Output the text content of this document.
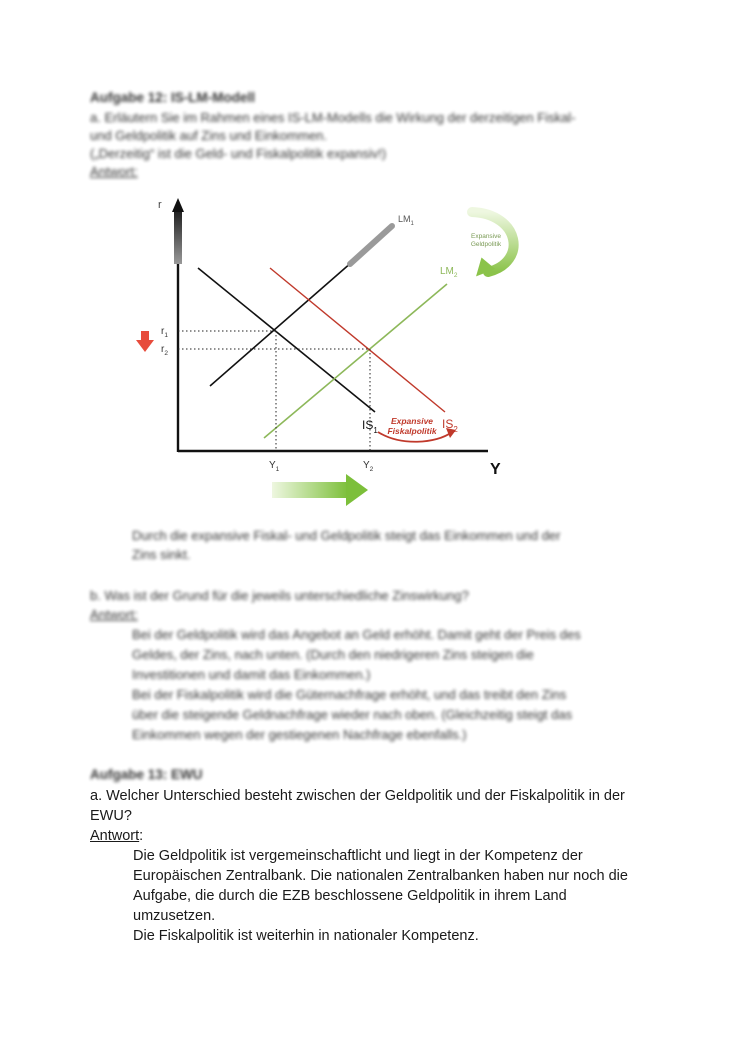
Aufgabe 12: IS-LM-Modell
a. Erläutern Sie im Rahmen eines IS-LM-Modells die Wirkung der derzeitigen Fiskal-
und Geldpolitik auf Zins und Einkommen.
(„Derzeitig“ ist die Geld- und Fiskalpolitik expansiv!)
Antwort:
Expansive
Geldpolitik
Expansive
Fiskalpolitik
r
Y
$LM_1$
$LM_2$
$IS_1$	$IS_2$
$r_1$
$r_2$
$Y_1$	$Y_2$
Durch die expansive Fiskal- und Geldpolitik steigt das Einkommen und der
Zins sinkt.
b. Was ist der Grund für die jeweils unterschiedliche Zinswirkung?
Antwort:
Bei der Geldpolitik wird das Angebot an Geld erhöht. Damit geht der Preis des
Geldes, der Zins, nach unten. (Durch den niedrigeren Zins steigen die
Investitionen und damit das Einkommen.)
Bei der Fiskalpolitik wird die Güternachfrage erhöht, und das treibt den Zins
über die steigende Geldnachfrage wieder nach oben. (Gleichzeitig steigt das
Einkommen wegen der gestiegenen Nachfrage ebenfalls.)
Aufgabe 13: EWU
a. Welcher Unterschied besteht zwischen der Geldpolitik und der Fiskalpolitik in der
EWU?
Antwort:
Die Geldpolitik ist vergemeinschaftlicht und liegt in der Kompetenz der
Europäischen Zentralbank. Die nationalen Zentralbanken haben nur noch die
Aufgabe, die durch die EZB beschlossene Geldpolitik in ihrem Land
umzusetzen.
Die Fiskalpolitik ist weiterhin in nationaler Kompetenz.
